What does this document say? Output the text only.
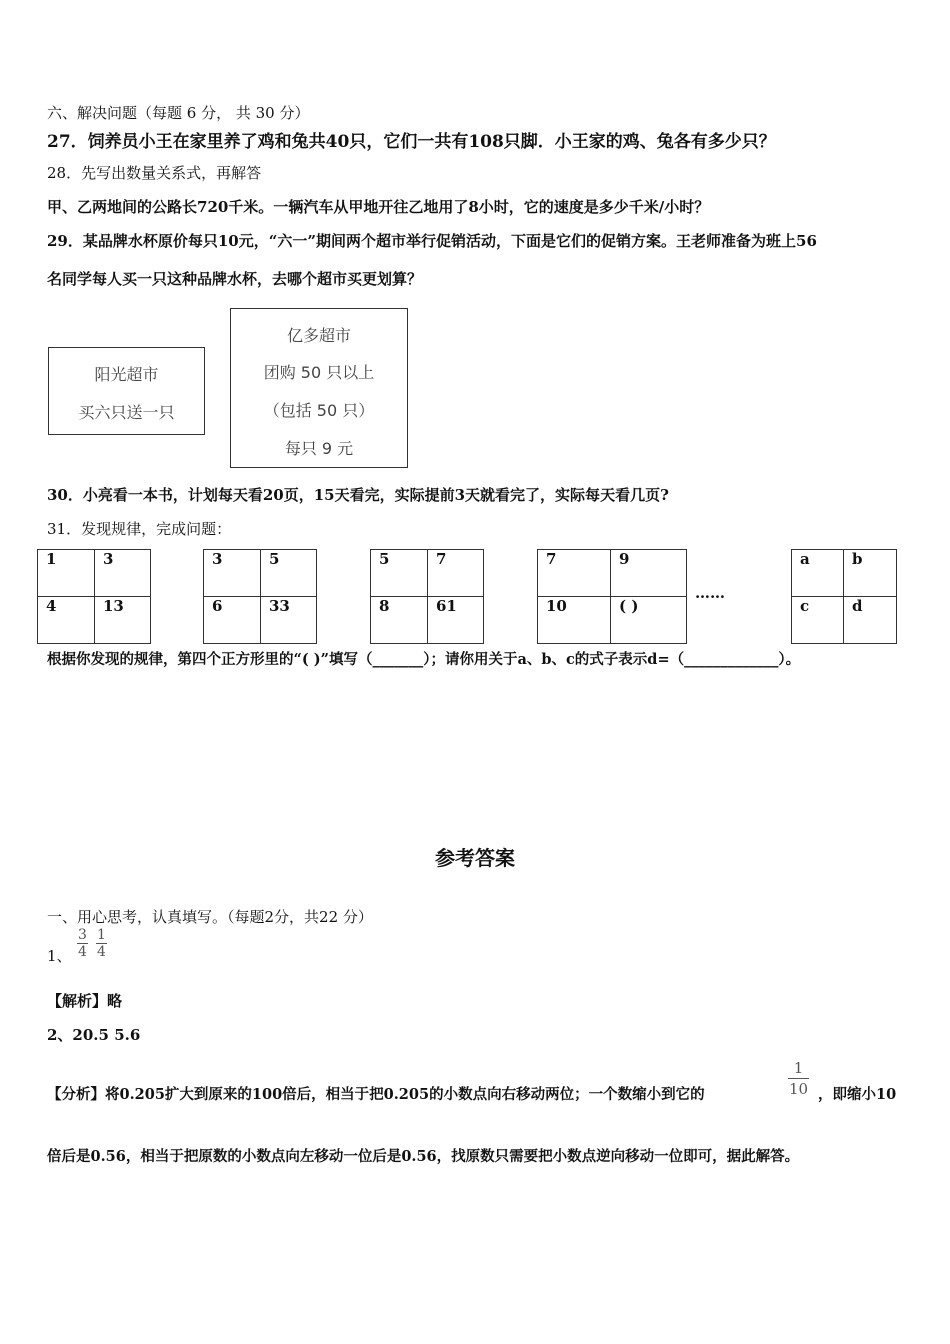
六、解决问题（每题 6 分， 共 30 分）
27．饲养员小王在家里养了鸡和兔共40只，它们一共有108只脚．小王家的鸡、兔各有多少只？
28．先写出数量关系式，再解答
甲、乙两地间的公路长720千米。一辆汽车从甲地开往乙地用了8小时，它的速度是多少千米/小时？
29．某品牌水杯原价每只10元，“六一”期间两个超市举行促销活动，下面是它们的促销方案。王老师准备为班上56
名同学每人买一只这种品牌水杯，去哪个超市买更划算？
阳光超市
买六只送一只
亿多超市
团购 50 只以上
（包括 50 只）
每只 9 元
30．小亮看一本书，计划每天看20页，15天看完，实际提前3天就看完了，实际每天看几页?
31．发现规律，完成问题：
1	3
4	13
3	5
6	33
5	7
8	61
7	9
10	( )
……
a	b
c	d
根据你发现的规律，第四个正方形里的“( )”填写（_______）；请你用关于a、b、c的式子表示d=（_____________）。
参考答案
一、用心思考，认真填写。（每题2分，共22 分）
1、 $\frac{3}{4}$
$\frac{1}{4}$
【解析】略
2、20.5 5.6
【分析】将0.205扩大到原来的100倍后，相当于把0.205的小数点向右移动两位；一个数缩小到它的	$\frac{1}{10}$ ，即缩小10
倍后是0.56，相当于把原数的小数点向左移动一位后是0.56，找原数只需要把小数点逆向移动一位即可，据此解答。
